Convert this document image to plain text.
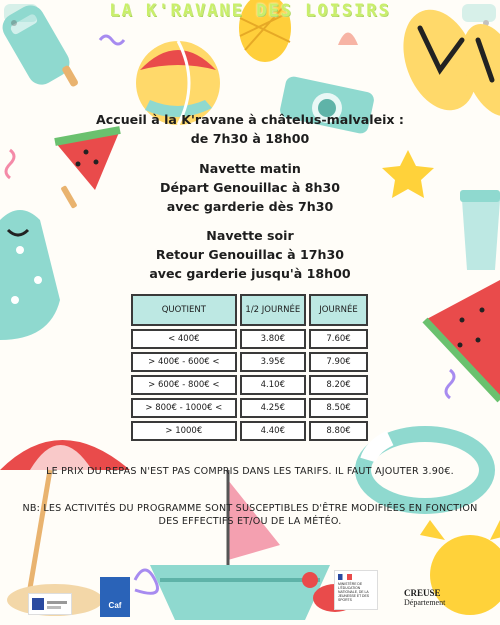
LA K'RAVANE DES LOISIRS
Accueil à la K'ravane à châtelus-malvaleix :
de 7h30 à 18h00
Navette matin
Départ Genouillac à 8h30
avec garderie dès 7h30
Navette soir
Retour Genouillac à 17h30
avec garderie jusqu'à 18h00
QUOTIENT	1/2 JOURNÉE	JOURNÉE
< 400€	3.80€	7.60€
> 400€ - 600€ <	3.95€	7.90€
> 600€ - 800€ <	4.10€	8.20€
> 800€ - 1000€ <	4.25€	8.50€
> 1000€	4.40€	8.80€
LE PRIX DU REPAS N'EST PAS COMPRIS DANS LES TARIFS. IL FAUT AJOUTER 3.90€.
NB: LES ACTIVITÉS DU PROGRAMME SONT SUSCEPTIBLES D'ÊTRE MODIFIÉES EN FONCTION DES EFFECTIFS ET/OU DE LA MÉTÉO.
Caf
MINISTÈRE DE L'ÉDUCATION NATIONALE, DE LA JEUNESSE ET DES SPORTS
CREUSE
Département
